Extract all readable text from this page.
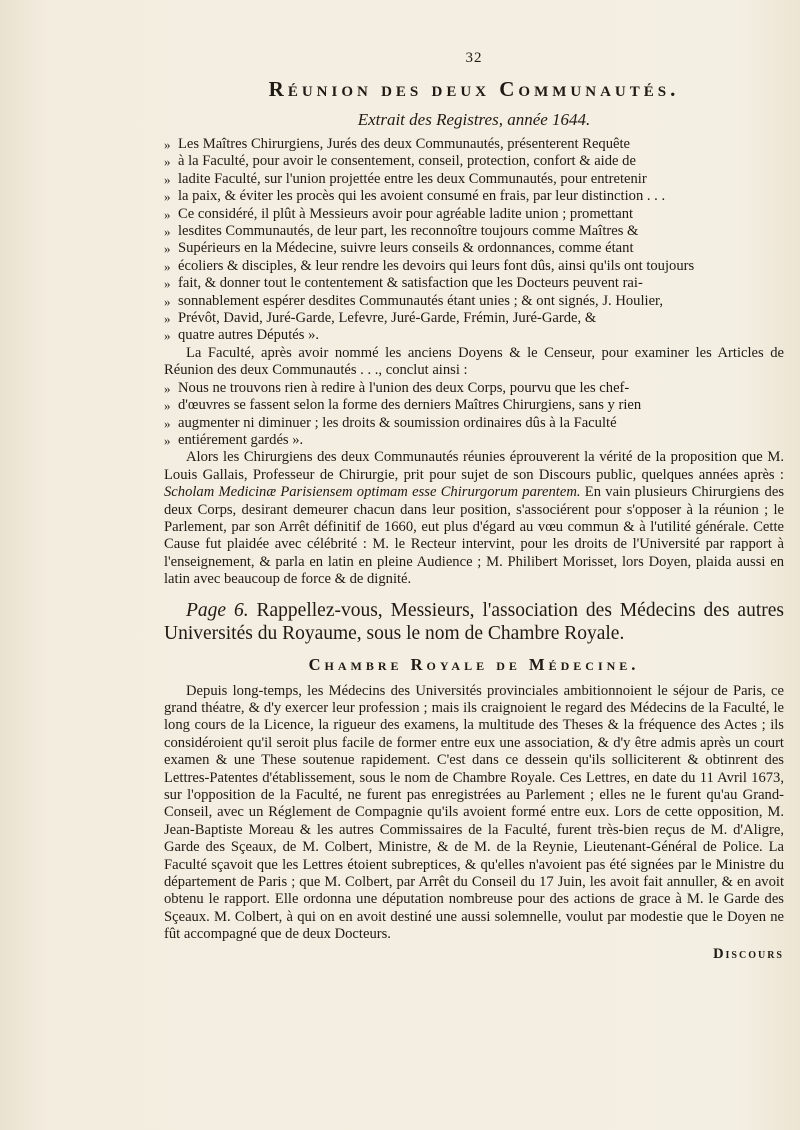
32
Réunion des deux Communautés.
Extrait des Registres, année 1644.

» Les Maîtres Chirurgiens, Jurés des deux Communautés, présenterent Requête
» à la Faculté, pour avoir le consentement, conseil, protection, confort & aide de
» ladite Faculté, sur l'union projettée entre les deux Communautés, pour entretenir
» la paix, & éviter les procès qui les avoient consumé en frais, par leur distinction . . .
» Ce considéré, il plût à Messieurs avoir pour agréable ladite union ; promettant
» lesdites Communautés, de leur part, les reconnoître toujours comme Maîtres &
» Supérieurs en la Médecine, suivre leurs conseils & ordonnances, comme étant
» écoliers & disciples, & leur rendre les devoirs qui leurs font dûs, ainsi qu'ils ont toujours
» fait, & donner tout le contentement & satisfaction que les Docteurs peuvent rai-
» sonnablement espérer desdites Communautés étant unies ; & ont signés, J. Houlier,
» Prévôt, David, Juré-Garde, Lefevre, Juré-Garde, Frémin, Juré-Garde, &
» quatre autres Députés ».

La Faculté, après avoir nommé les anciens Doyens & le Censeur, pour examiner les Articles de Réunion des deux Communautés . . ., conclut ainsi :

» Nous ne trouvons rien à redire à l'union des deux Corps, pourvu que les chef-
» d'œuvres se fassent selon la forme des derniers Maîtres Chirurgiens, sans y rien
» augmenter ni diminuer ; les droits & soumission ordinaires dûs à la Faculté
» entiérement gardés ».

Alors les Chirurgiens des deux Communautés réunies éprouverent la vérité de la proposition que M. Louis Gallais, Professeur de Chirurgie, prit pour sujet de son Discours public, quelques années après : Scholam Medicinæ Parisiensem optimam esse Chirurgorum parentem. En vain plusieurs Chirurgiens des deux Corps, desirant demeurer chacun dans leur position, s'associérent pour s'opposer à la réunion ; le Parlement, par son Arrêt définitif de 1660, eut plus d'égard au vœu commun & à l'utilité générale. Cette Cause fut plaidée avec célébrité : M. le Recteur intervint, pour les droits de l'Université par rapport à l'enseignement, & parla en latin en pleine Audience ; M. Philibert Morisset, lors Doyen, plaida aussi en latin avec beaucoup de force & de dignité.

Page 6. Rappellez-vous, Messieurs, l'association des Médecins des autres Universités du Royaume, sous le nom de Chambre Royale.

Chambre Royale de Médecine.

Depuis long-temps, les Médecins des Universités provinciales ambitionnoient le séjour de Paris, ce grand théatre, & d'y exercer leur profession ; mais ils craignoient le regard des Médecins de la Faculté, le long cours de la Licence, la rigueur des examens, la multitude des Theses & la fréquence des Actes ; ils considéroient qu'il seroit plus facile de former entre eux une association, & d'y être admis après un court examen & une These soutenue rapidement. C'est dans ce dessein qu'ils solliciterent & obtinrent des Lettres-Patentes d'établissement, sous le nom de Chambre Royale. Ces Lettres, en date du 11 Avril 1673, sur l'opposition de la Faculté, ne furent pas enregistrées au Parlement ; elles ne le furent qu'au Grand-Conseil, avec un Réglement de Compagnie qu'ils avoient formé entre eux. Lors de cette opposition, M. Jean-Baptiste Moreau & les autres Commissaires de la Faculté, furent très-bien reçus de M. d'Aligre, Garde des Sçeaux, de M. Colbert, Ministre, & de M. de la Reynie, Lieutenant-Général de Police. La Faculté sçavoit que les Lettres étoient subreptices, & qu'elles n'avoient pas été signées par le Ministre du département de Paris ; que M. Colbert, par Arrêt du Conseil du 17 Juin, les avoit fait annuller, & en avoit obtenu le rapport. Elle ordonna une députation nombreuse pour des actions de grace à M. le Garde des Sçeaux. M. Colbert, à qui on en avoit destiné une aussi solemnelle, voulut par modestie que le Doyen ne fût accompagné que de deux Docteurs.

Discours
